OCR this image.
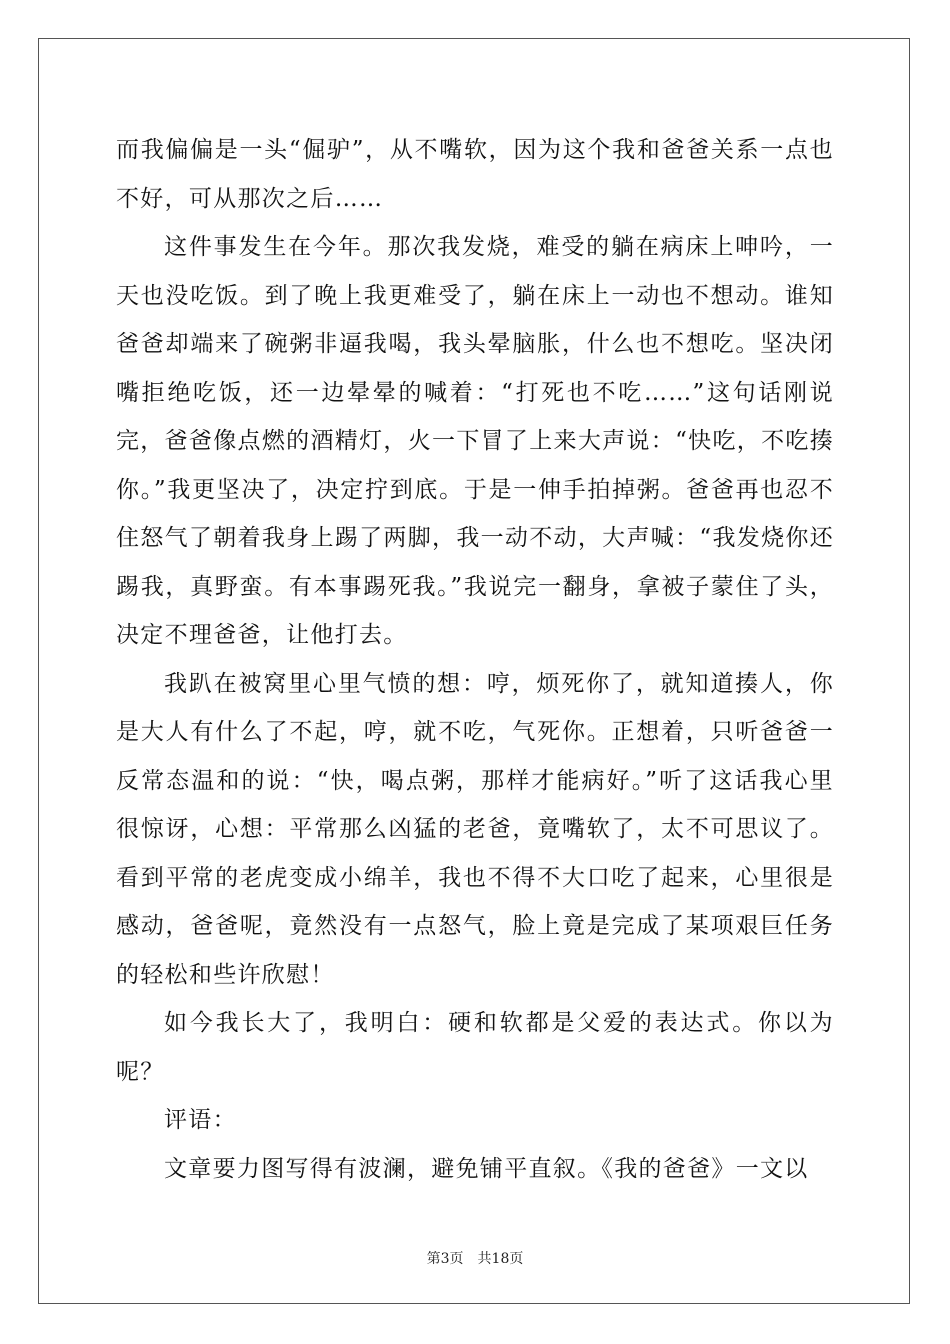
而我偏偏是一头“倔驴”，从不嘴软，因为这个我和爸爸关系一点也不好，可从那次之后……

这件事发生在今年。那次我发烧，难受的躺在病床上呻吟，一天也没吃饭。到了晚上我更难受了，躺在床上一动也不想动。谁知爸爸却端来了碗粥非逼我喝，我头晕脑胀，什么也不想吃。坚决闭嘴拒绝吃饭，还一边晕晕的喊着：“打死也不吃……”这句话刚说完，爸爸像点燃的酒精灯，火一下冒了上来大声说：“快吃，不吃揍你。”我更坚决了，决定拧到底。于是一伸手拍掉粥。爸爸再也忍不住怒气了朝着我身上踢了两脚，我一动不动，大声喊：“我发烧你还踢我，真野蛮。有本事踢死我。”我说完一翻身，拿被子蒙住了头，决定不理爸爸，让他打去。

我趴在被窝里心里气愤的想：哼，烦死你了，就知道揍人，你是大人有什么了不起，哼，就不吃，气死你。正想着，只听爸爸一反常态温和的说：“快，喝点粥，那样才能病好。”听了这话我心里很惊讶，心想：平常那么凶猛的老爸，竟嘴软了，太不可思议了。看到平常的老虎变成小绵羊，我也不得不大口吃了起来，心里很是感动，爸爸呢，竟然没有一点怒气，脸上竟是完成了某项艰巨任务的轻松和些许欣慰！

如今我长大了，我明白：硬和软都是父爱的表达式。你以为呢？

评语：

文章要力图写得有波澜，避免铺平直叙。《我的爸爸》一文以

第3页 共18页
